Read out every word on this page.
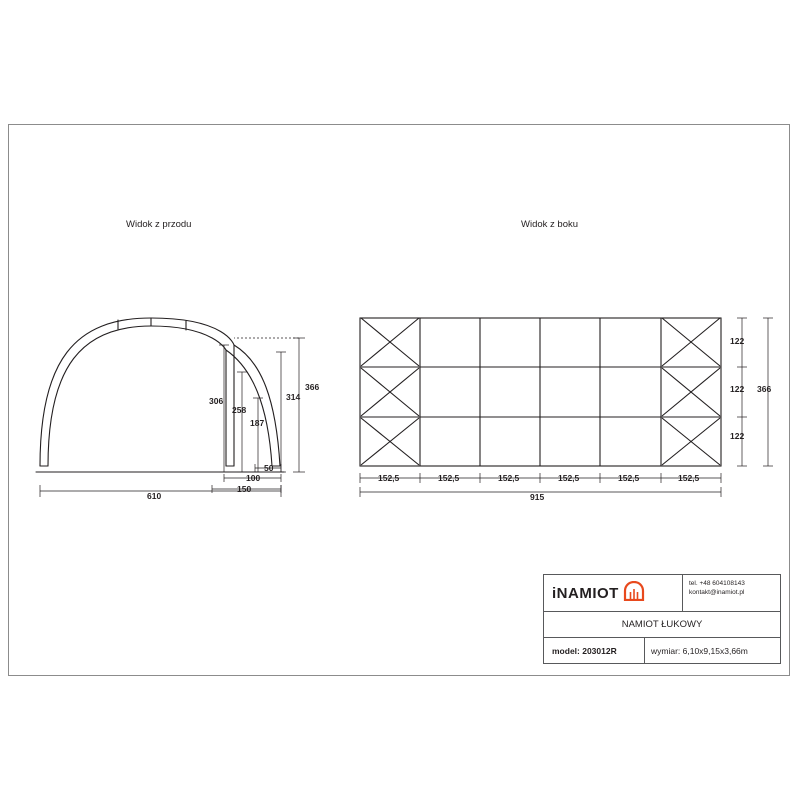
Widok z przodu	Widok z boku
366
314
306
258
187
50
100
150
610
152,5	152,5	152,5	152,5	152,5	152,5
915
122
122
122
366
iNAMIOT
tel. +48 604108143
kontakt@inamiot.pl
NAMIOT ŁUKOWY
model: 203012R	wymiar: 6,10x9,15x3,66m
